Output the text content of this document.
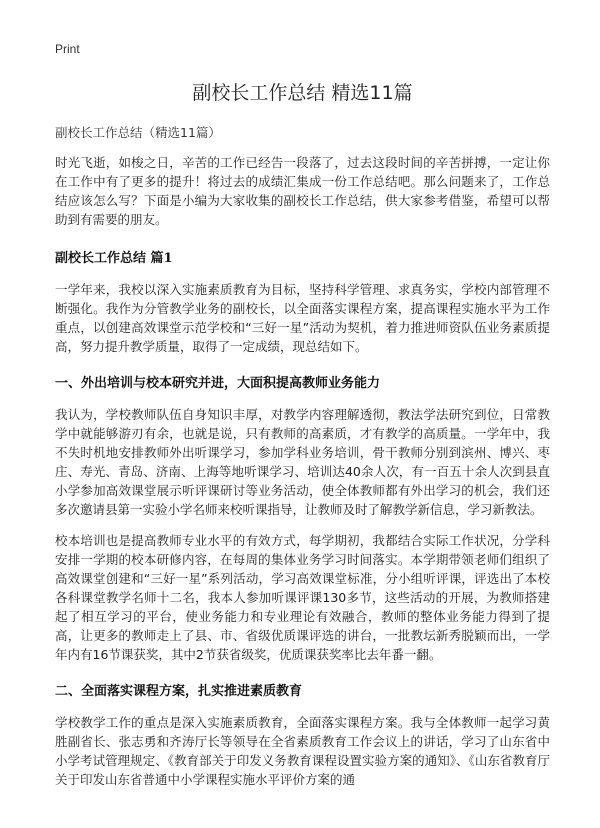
Print
副校长工作总结 精选11篇
副校长工作总结（精选11篇）

时光飞逝，如梭之日，辛苦的工作已经告一段落了，过去这段时间的辛苦拼搏，一定让你在工作中有了更多的提升！将过去的成绩汇集成一份工作总结吧。那么问题来了，工作总结应该怎么写？下面是小编为大家收集的副校长工作总结，供大家参考借鉴，希望可以帮助到有需要的朋友。

副校长工作总结 篇1

一学年来，我校以深入实施素质教育为目标，坚持科学管理、求真务实，学校内部管理不断强化。我作为分管教学业务的副校长，以全面落实课程方案，提高课程实施水平为工作重点，以创建高效课堂示范学校和“三好一星”活动为契机，着力推进师资队伍业务素质提高，努力提升教学质量，取得了一定成绩，现总结如下。

一、外出培训与校本研究并进，大面积提高教师业务能力

我认为，学校教师队伍自身知识丰厚，对教学内容理解透彻，教法学法研究到位，日常教学中就能够游刃有余，也就是说，只有教师的高素质，才有教学的高质量。一学年中，我不失时机地安排教师外出听课学习，参加学科业务培训，骨干教师分别到滨州、博兴、枣庄、寿光、青岛、济南、上海等地听课学习、培训达40余人次，有一百五十余人次到县直小学参加高效课堂展示听评课研讨等业务活动，使全体教师都有外出学习的机会，我们还多次邀请县第一实验小学名师来校听课指导，让教师及时了解教学新信息，学习新教法。

校本培训也是提高教师专业水平的有效方式，每学期初，我都结合实际工作状况，分学科安排一学期的校本研修内容，在每周的集体业务学习时间落实。本学期带领老师们组织了高效课堂创建和“三好一星”系列活动，学习高效课堂标准，分小组听评课，评选出了本校各科课堂教学名师十二名，我本人参加听课评课130多节，这些活动的开展，为教师搭建起了相互学习的平台，使业务能力和专业理论有效融合，教师的整体业务能力得到了提高，让更多的教师走上了县、市、省级优质课评选的讲台，一批教坛新秀脱颖而出，一学年内有16节课获奖，其中2节获省级奖，优质课获奖率比去年番一翻。

二、全面落实课程方案，扎实推进素质教育

学校教学工作的重点是深入实施素质教育，全面落实课程方案。我与全体教师一起学习黄胜副省长、张志勇和齐涛厅长等领导在全省素质教育工作会议上的讲话，学习了山东省中小学考试管理规定、《教育部关于印发义务教育课程设置实验方案的通知》、《山东省教育厅关于印发山东省普通中小学课程实施水平评价方案的通
